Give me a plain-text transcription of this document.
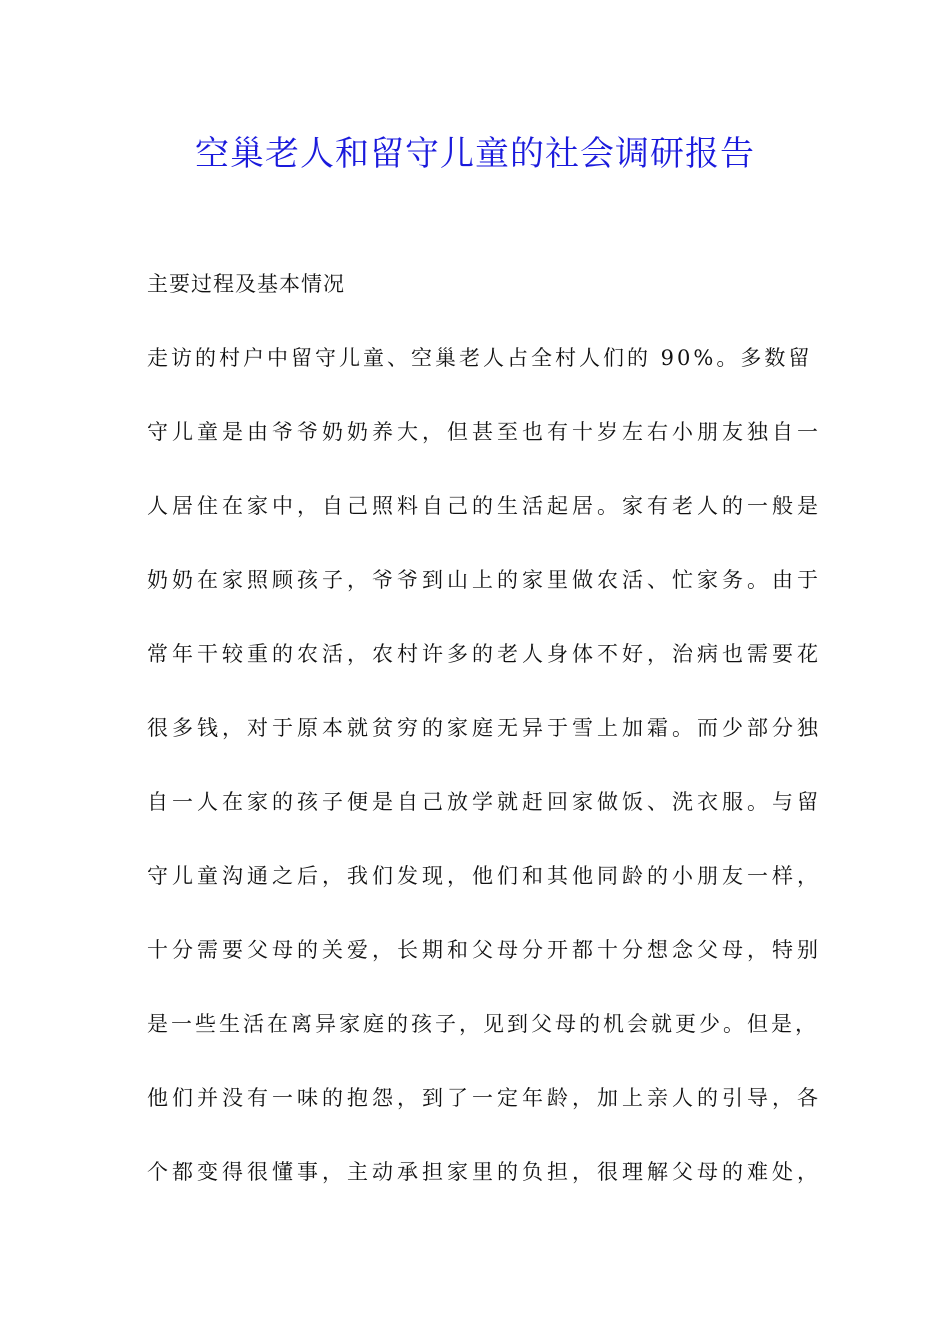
空巢老人和留守儿童的社会调研报告

主要过程及基本情况

走访的村户中留守儿童、空巢老人占全村人们的 90%。多数留
守儿童是由爷爷奶奶养大，但甚至也有十岁左右小朋友独自一
人居住在家中，自己照料自己的生活起居。家有老人的一般是
奶奶在家照顾孩子，爷爷到山上的家里做农活、忙家务。由于
常年干较重的农活，农村许多的老人身体不好，治病也需要花
很多钱，对于原本就贫穷的家庭无异于雪上加霜。而少部分独
自一人在家的孩子便是自己放学就赶回家做饭、洗衣服。与留
守儿童沟通之后，我们发现，他们和其他同龄的小朋友一样，
十分需要父母的关爱，长期和父母分开都十分想念父母，特别
是一些生活在离异家庭的孩子，见到父母的机会就更少。但是，
他们并没有一味的抱怨，到了一定年龄，加上亲人的引导，各
个都变得很懂事，主动承担家里的负担，很理解父母的难处，
